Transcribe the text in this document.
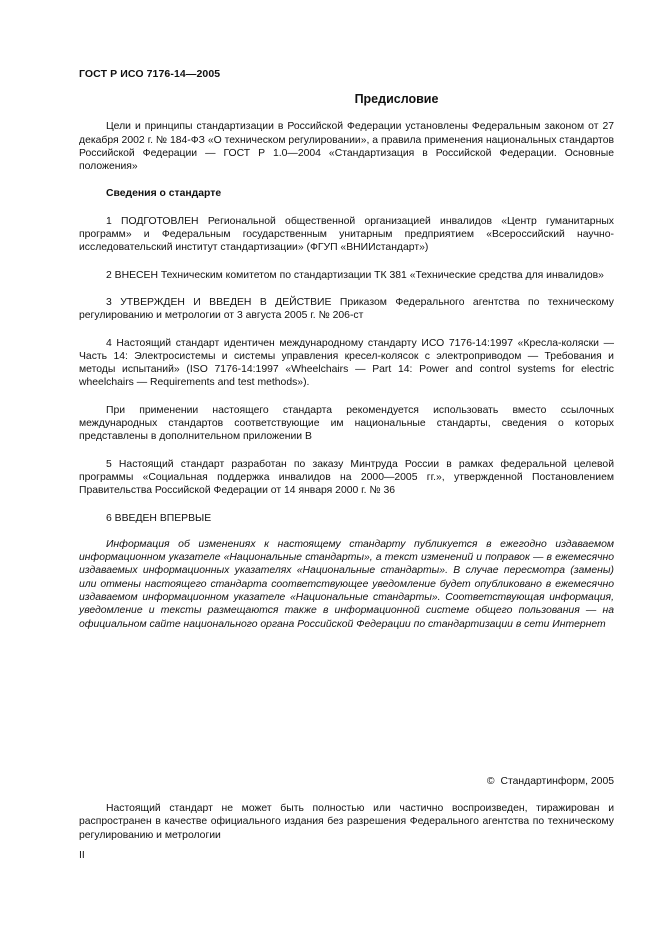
ГОСТ Р ИСО 7176-14—2005
Предисловие
Цели и принципы стандартизации в Российской Федерации установлены Федеральным законом от 27 декабря 2002 г. № 184-ФЗ «О техническом регулировании», а правила применения национальных стандартов Российской Федерации — ГОСТ Р 1.0—2004 «Стандартизация в Российской Федерации. Основные положения»
Сведения о стандарте
1 ПОДГОТОВЛЕН Региональной общественной организацией инвалидов «Центр гуманитарных программ» и Федеральным государственным унитарным предприятием «Всероссийский научно-исследовательский институт стандартизации» (ФГУП «ВНИИстандарт»)
2 ВНЕСЕН Техническим комитетом по стандартизации ТК 381 «Технические средства для инвалидов»
3 УТВЕРЖДЕН И ВВЕДЕН В ДЕЙСТВИЕ Приказом Федерального агентства по техническому регулированию и метрологии от 3 августа 2005 г. № 206-ст
4 Настоящий стандарт идентичен международному стандарту ИСО 7176-14:1997 «Кресла-коляски — Часть 14: Электросистемы и системы управления кресел-колясок с электроприводом — Требования и методы испытаний» (ISO 7176-14:1997 «Wheelchairs — Part 14: Power and control systems for electric wheelchairs — Requirements and test methods»).
При применении настоящего стандарта рекомендуется использовать вместо ссылочных международных стандартов соответствующие им национальные стандарты, сведения о которых представлены в дополнительном приложении В
5 Настоящий стандарт разработан по заказу Минтруда России в рамках федеральной целевой программы «Социальная поддержка инвалидов на 2000—2005 гг.», утвержденной Постановлением Правительства Российской Федерации от 14 января 2000 г. № 36
6 ВВЕДЕН ВПЕРВЫЕ
Информация об изменениях к настоящему стандарту публикуется в ежегодно издаваемом информационном указателе «Национальные стандарты», а текст изменений и поправок — в ежемесячно издаваемых информационных указателях «Национальные стандарты». В случае пересмотра (замены) или отмены настоящего стандарта соответствующее уведомление будет опубликовано в ежемесячно издаваемом информационном указателе «Национальные стандарты». Соответствующая информация, уведомление и тексты размещаются также в информационной системе общего пользования — на официальном сайте национального органа Российской Федерации по стандартизации в сети Интернет
© Стандартинформ, 2005
Настоящий стандарт не может быть полностью или частично воспроизведен, тиражирован и распространен в качестве официального издания без разрешения Федерального агентства по техническому регулированию и метрологии
II
